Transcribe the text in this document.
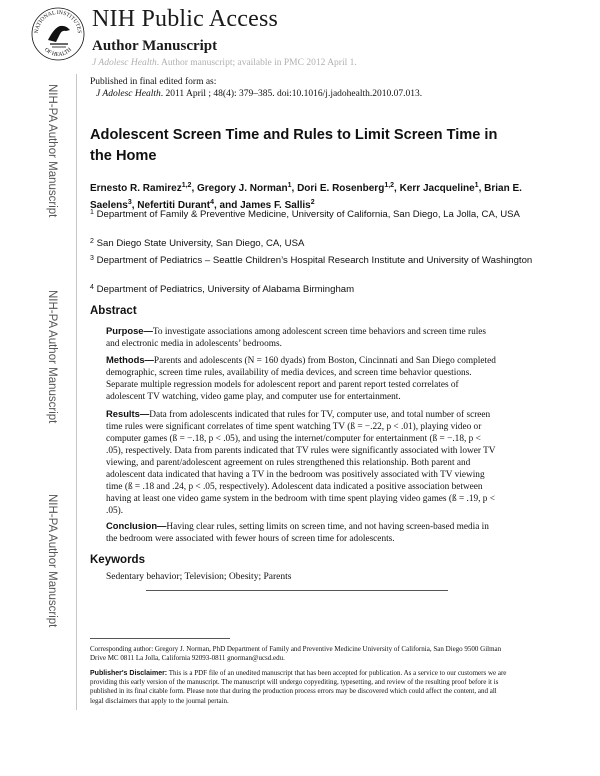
NATIONAL INSTITUTES
OF HEALTH
NIH Public Access
Author Manuscript
J Adolesc Health. Author manuscript; available in PMC 2012 April 1.
NIH-PA Author Manuscript
NIH-PA Author Manuscript
NIH-PA Author Manuscript
Published in final edited form as:
J Adolesc Health. 2011 April ; 48(4): 379–385. doi:10.1016/j.jadohealth.2010.07.013.
Adolescent Screen Time and Rules to Limit Screen Time in the Home
Ernesto R. Ramirez$^{1,2}$, Gregory J. Norman$^1$, Dori E. Rosenberg$^{1,2}$, Kerr Jacqueline$^1$, Brian E. Saelens$^3$, Nefertiti Durant$^4$, and James F. Sallis$^2$
$^1$ Department of Family & Preventive Medicine, University of California, San Diego, La Jolla, CA, USA
$^2$ San Diego State University, San Diego, CA, USA
$^3$ Department of Pediatrics – Seattle Children’s Hospital Research Institute and University of Washington
$^4$ Department of Pediatrics, University of Alabama Birmingham
Abstract
Purpose—To investigate associations among adolescent screen time behaviors and screen time rules and electronic media in adolescents’ bedrooms.
Methods—Parents and adolescents (N = 160 dyads) from Boston, Cincinnati and San Diego completed demographic, screen time rules, availability of media devices, and screen time behavior questions. Separate multiple regression models for adolescent report and parent report tested correlates of adolescent TV watching, video game play, and computer use for entertainment.
Results—Data from adolescents indicated that rules for TV, computer use, and total number of screen time rules were significant correlates of time spent watching TV (ß = −.22, p < .01), playing video or computer games (ß = −.18, p < .05), and using the internet/computer for entertainment (ß = −.18, p < .05), respectively. Data from parents indicated that TV rules were significantly associated with lower TV viewing, and parent/adolescent agreement on rules strengthened this relationship. Both parent and adolescent data indicated that having a TV in the bedroom was positively associated with TV viewing time (ß = .18 and .24, p < .05, respectively). Adolescent data indicated a positive association between having at least one video game system in the bedroom with time spent playing video games (ß = .19, p < .05).
Conclusion—Having clear rules, setting limits on screen time, and not having screen-based media in the bedroom were associated with fewer hours of screen time for adolescents.
Keywords
Sedentary behavior; Television; Obesity; Parents
Corresponding author: Gregory J. Norman, PhD Department of Family and Preventive Medicine University of California, San Diego 9500 Gilman Drive MC 0811 La Jolla, California 92093-0811 gnorman@ucsd.edu.
Publisher's Disclaimer: This is a PDF file of an unedited manuscript that has been accepted for publication. As a service to our customers we are providing this early version of the manuscript. The manuscript will undergo copyediting, typesetting, and review of the resulting proof before it is published in its final citable form. Please note that during the production process errors may be discovered which could affect the content, and all legal disclaimers that apply to the journal pertain.
